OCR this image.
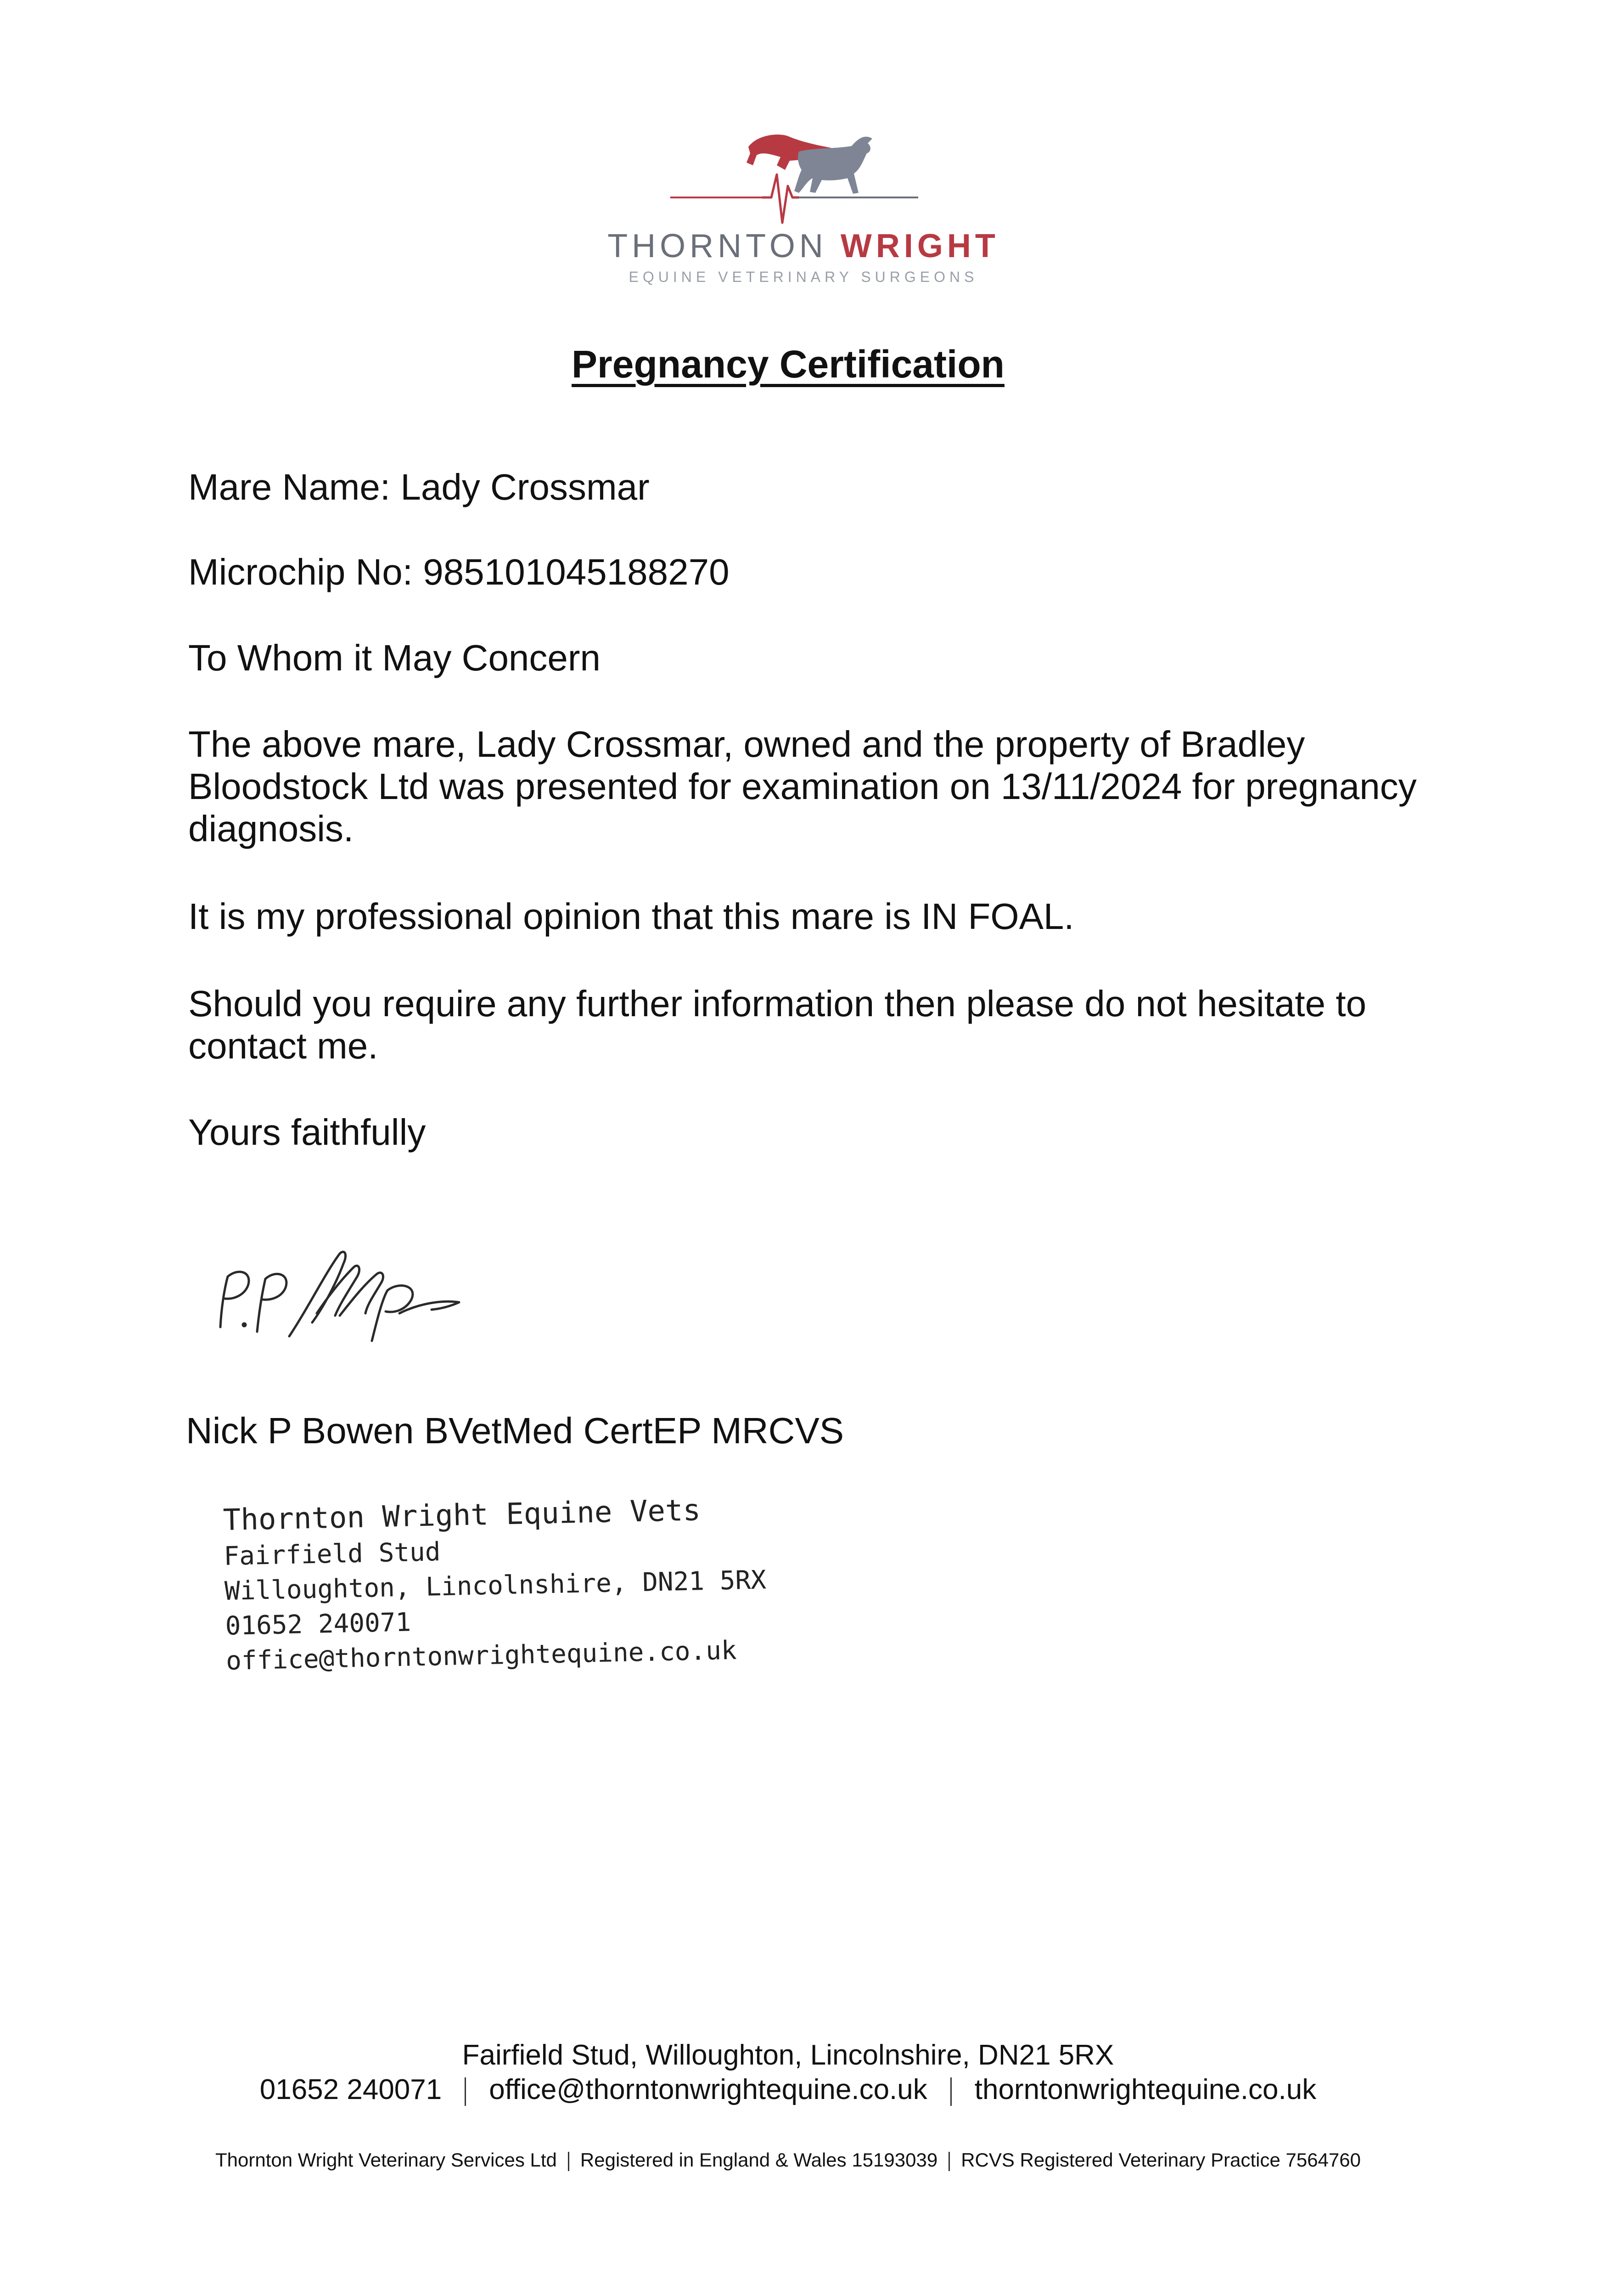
THORNTON WRIGHT
EQUINE VETERINARY SURGEONS
Pregnancy Certification
Mare Name: Lady Crossmar
Microchip No: 985101045188270
To Whom it May Concern
The above mare, Lady Crossmar, owned and the property of Bradley Bloodstock Ltd was presented for examination on 13/11/2024 for pregnancy diagnosis.
It is my professional opinion that this mare is IN FOAL.
Should you require any further information then please do not hesitate to contact me.
Yours faithfully
Nick P Bowen BVetMed CertEP MRCVS
Thornton Wright Equine Vets
Fairfield Stud
Willoughton, Lincolnshire, DN21 5RX
01652 240071
office@thorntonwrightequine.co.uk
Fairfield Stud, Willoughton, Lincolnshire, DN21 5RX
01652 240071 office@thorntonwrightequine.co.uk thorntonwrightequine.co.uk
Thornton Wright Veterinary Services Ltd Registered in England & Wales 15193039 RCVS Registered Veterinary Practice 7564760
